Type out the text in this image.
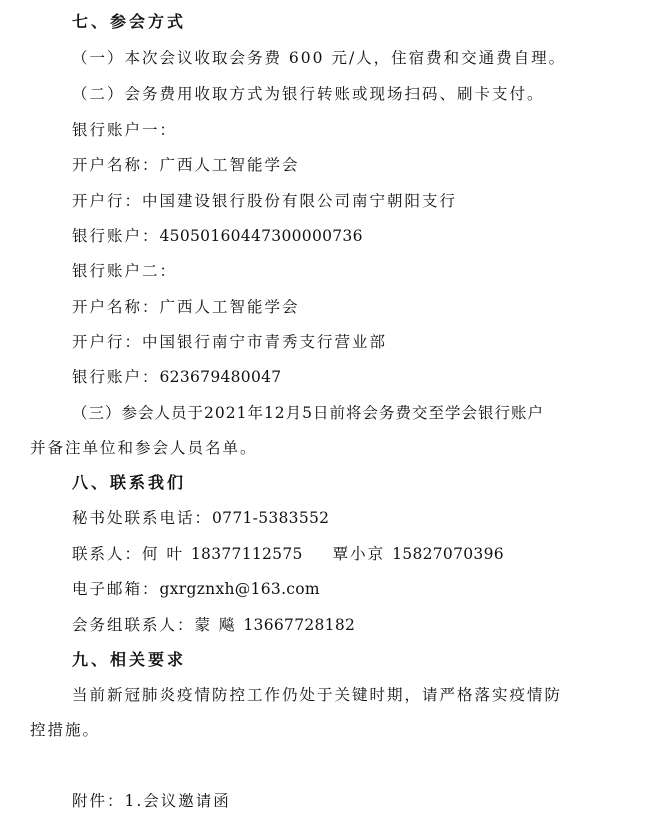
七、参会方式
（一）本次会议收取会务费 600 元/人，住宿费和交通费自理。
（二）会务费用收取方式为银行转账或现场扫码、刷卡支付。
银行账户一：
开户名称：广西人工智能学会
开户行：中国建设银行股份有限公司南宁朝阳支行
银行账户：45050160447300000736
银行账户二：
开户名称：广西人工智能学会
开户行：中国银行南宁市青秀支行营业部
银行账户：623679480047
（三）参会人员于2021年12月5日前将会务费交至学会银行账户
并备注单位和参会人员名单。
八、联系我们
秘书处联系电话：0771-5383552
联系人：何 叶 18377112575 覃小京 15827070396
电子邮箱：gxrgznxh@163.com
会务组联系人：蒙 飚 13667728182
九、相关要求
当前新冠肺炎疫情防控工作仍处于关键时期，请严格落实疫情防
控措施。
附件：1.会议邀请函
